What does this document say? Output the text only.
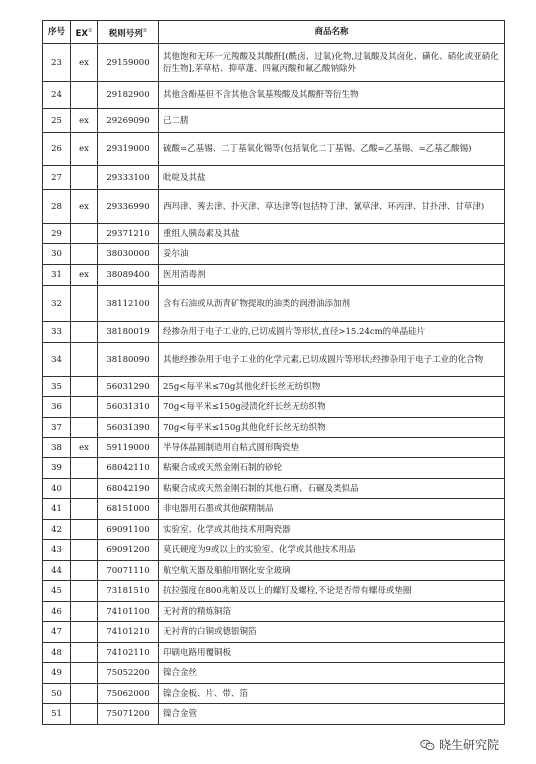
序号	EX①	税则号列②	商品名称
23	ex	29159000	其他饱和无环一元羧酸及其酸酐[(酰卤、过氧)化物,过氧酸及其卤化、磺化、硝化或亚硝化衍生物],茅草枯、抑草蓬、四氟丙酸和氟乙酸钠除外
24		29182900	其他含酚基但不含其他含氧基羧酸及其酸酐等衍生物
25	ex	29269090	己二腈
26	ex	29319000	硫酸=乙基锡、二丁基氧化锡等(包括氧化二丁基锡、乙酸=乙基锡、=乙基乙酸锡)
27		29333100	吡啶及其盐
28	ex	29336990	西玛津、莠去津、扑灭津、草达津等(包括特丁津、氰草津、环丙津、甘扑津、甘草津)
29		29371210	重组人胰岛素及其盐
30		38030000	妥尔油
31	ex	38089400	医用消毒剂
32		38112100	含有石油或从沥青矿物提取的油类的润滑油添加剂
33		38180019	经掺杂用于电子工业的,已切成圆片等形状,直径>15.24cm的单晶硅片
34		38180090	其他经掺杂用于电子工业的化学元素,已切成圆片等形状;经掺杂用于电子工业的化合物
35		56031290	25g<每平米≤70g其他化纤长丝无纺织物
36		56031310	70g<每平米≤150g浸渍化纤长丝无纺织物
37		56031390	70g<每平米≤150g其他化纤长丝无纺织物
38	ex	59119000	半导体晶圆制造用自粘式圆形陶瓷垫
39		68042110	粘聚合成或天然金刚石制的砂轮
40		68042190	粘聚合成或天然金刚石制的其他石磨、石碾及类似品
41		68151000	非电器用石墨或其他碳精制品
42		69091100	实验室、化学或其他技术用陶瓷器
43		69091200	莫氏硬度为9或以上的实验室、化学或其他技术用品
44		70071110	航空航天器及船舶用钢化安全玻璃
45		73181510	抗拉强度在800兆帕及以上的螺钉及螺栓,不论是否带有螺母或垫圈
46		74101100	无衬背的精炼铜箔
47		74101210	无衬背的白铜或德银铜箔
48		74102110	印刷电路用覆铜板
49		75052200	镍合金丝
50		75062000	镍合金板、片、带、箔
51		75071200	镍合金管
晓生研究院
